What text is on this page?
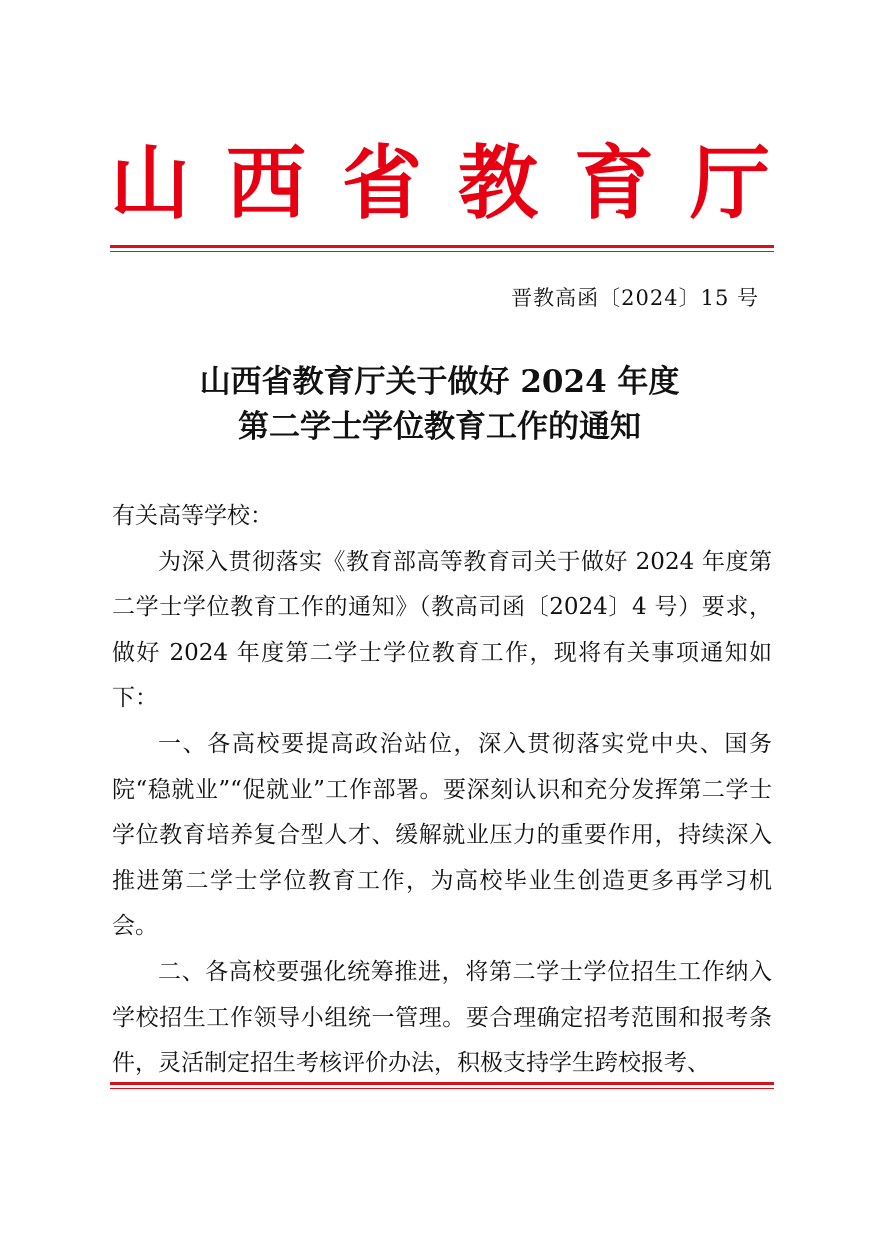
山 西 省 教 育 厅
晋教高函〔2024〕15 号
山西省教育厅关于做好 2024 年度
第二学士学位教育工作的通知

有关高等学校：

为深入贯彻落实《教育部高等教育司关于做好 2024 年度第二学士学位教育工作的通知》（教高司函〔2024〕4 号）要求，做好 2024 年度第二学士学位教育工作，现将有关事项通知如下：

一、各高校要提高政治站位，深入贯彻落实党中央、国务院“稳就业”“促就业”工作部署。要深刻认识和充分发挥第二学士学位教育培养复合型人才、缓解就业压力的重要作用，持续深入推进第二学士学位教育工作，为高校毕业生创造更多再学习机会。

二、各高校要强化统筹推进，将第二学士学位招生工作纳入学校招生工作领导小组统一管理。要合理确定招考范围和报考条件，灵活制定招生考核评价办法，积极支持学生跨校报考、
